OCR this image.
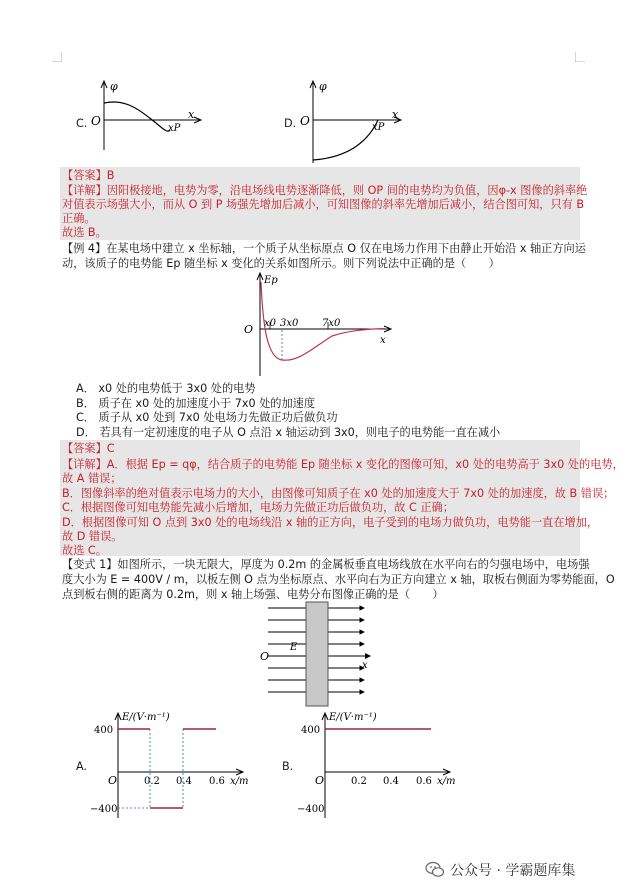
C.
φ
O	x
xP	D.
φ
O	x
xP
【答案】B
【详解】因阳极接地，电势为零，沿电场线电势逐渐降低，则 OP 间的电势均为负值，因φ-x 图像的斜率绝
对值表示场强大小，而从 O 到 P 场强先增加后减小，可知图像的斜率先增加后减小，结合图可知，只有 B
正确。
故选 B。
【例 4】在某电场中建立 x 坐标轴，一个质子从坐标原点 O 仅在电场力作用下由静止开始沿 x 轴正方向运
动，该质子的电势能 Ep 随坐标 x 变化的关系如图所示。则下列说法中正确的是（　　）
Ep
O
x
x0 3x0 7x0
A． x0 处的电势低于 3x0 处的电势
B． 质子在 x0 处的加速度小于 7x0 处的加速度
C． 质子从 x0 处到 7x0 处电场力先做正功后做负功
D． 若具有一定初速度的电子从 O 点沿 x 轴运动到 3x0，则电子的电势能一直在减小
【答案】C
【详解】A．根据 Ep = qφ，结合质子的电势能 Ep 随坐标 x 变化的图像可知，x0 处的电势高于 3x0 处的电势，
故 A 错误；
B．图像斜率的绝对值表示电场力的大小，由图像可知质子在 x0 处的加速度大于 7x0 处的加速度，故 B 错误；
C．根据图像可知电势能先减小后增加，电场力先做正功后做负功，故 C 正确；
D．根据图像可知 O 点到 3x0 处的电场线沿 x 轴的正方向，电子受到的电场力做负功，电势能一直在增加，
故 D 错误。
故选 C。
【变式 1】如图所示，一块无限大，厚度为 0.2m 的金属板垂直电场线放在水平向右的匀强电场中，电场强
度大小为 E = 400V / m，以板左侧 O 点为坐标原点、水平向右为正方向建立 x 轴，取板右侧面为零势能面，O
点到板右侧的距离为 0.2m，则 x 轴上场强、电势分布图像正确的是（　　）
E
O
x
A.
E/(V·m⁻¹)
400
−400
O	0.2 0.4 0.6 x/m
B.
E/(V·m⁻¹)
400
−400
O	0.2 0.4 0.6 x/m
公众号 · 学霸题库集
